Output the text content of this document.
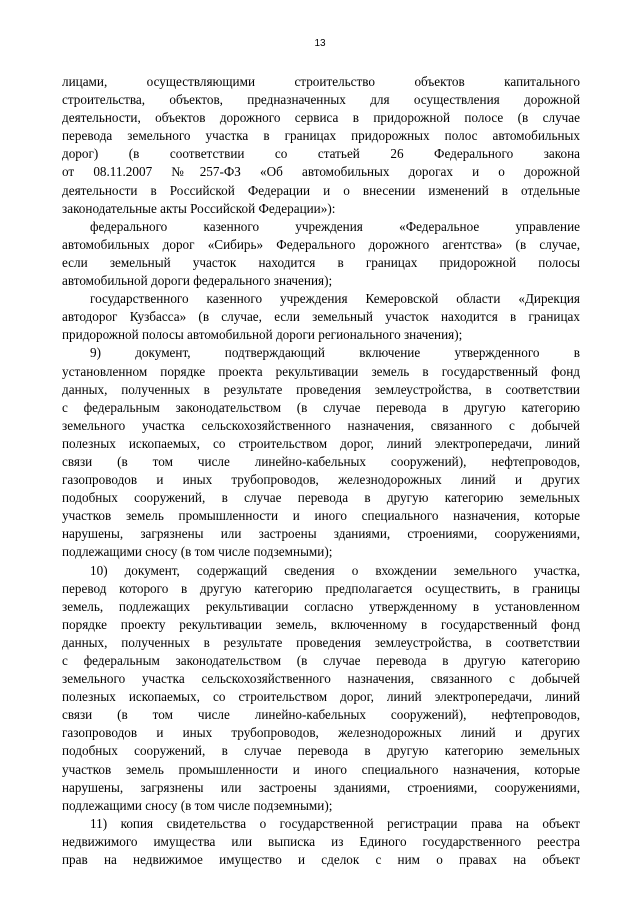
13
лицами, осуществляющими строительство объектов капитального
строительства, объектов, предназначенных для осуществления дорожной
деятельности, объектов дорожного сервиса в придорожной полосе (в случае
перевода земельного участка в границах придорожных полос автомобильных
дорог) (в соответствии со статьей 26 Федерального закона
от 08.11.2007 №257-ФЗ «Об автомобильных дорогах и о дорожной
деятельности в Российской Федерации и о внесении изменений в отдельные
законодательные акты Российской Федерации»):
федерального казенного учреждения «Федеральное управление
автомобильных дорог «Сибирь» Федерального дорожного агентства» (в случае,
если земельный участок находится в границах придорожной полосы
автомобильной дороги федерального значения);
государственного казенного учреждения Кемеровской области «Дирекция
автодорог Кузбасса» (в случае, если земельный участок находится в границах
придорожной полосы автомобильной дороги регионального значения);
9) документ, подтверждающий включение утвержденного в
установленном порядке проекта рекультивации земель в государственный фонд
данных, полученных в результате проведения землеустройства, в соответствии
с федеральным законодательством (в случае перевода в другую категорию
земельного участка сельскохозяйственного назначения, связанного с добычей
полезных ископаемых, со строительством дорог, линий электропередачи, линий
связи (в том числе линейно-кабельных сооружений), нефтепроводов,
газопроводов и иных трубопроводов, железнодорожных линий и других
подобных сооружений, в случае перевода в другую категорию земельных
участков земель промышленности и иного специального назначения, которые
нарушены, загрязнены или застроены зданиями, строениями, сооружениями,
подлежащими сносу (в том числе подземными);
10) документ, содержащий сведения о вхождении земельного участка,
перевод которого в другую категорию предполагается осуществить, в границы
земель, подлежащих рекультивации согласно утвержденному в установленном
порядке проекту рекультивации земель, включенному в государственный фонд
данных, полученных в результате проведения землеустройства, в соответствии
с федеральным законодательством (в случае перевода в другую категорию
земельного участка сельскохозяйственного назначения, связанного с добычей
полезных ископаемых, со строительством дорог, линий электропередачи, линий
связи (в том числе линейно-кабельных сооружений), нефтепроводов,
газопроводов и иных трубопроводов, железнодорожных линий и других
подобных сооружений, в случае перевода в другую категорию земельных
участков земель промышленности и иного специального назначения, которые
нарушены, загрязнены или застроены зданиями, строениями, сооружениями,
подлежащими сносу (в том числе подземными);
11) копия свидетельства о государственной регистрации права на объект
недвижимого имущества или выписка из Единого государственного реестра
прав на недвижимое имущество и сделок с ним о правах на объект
